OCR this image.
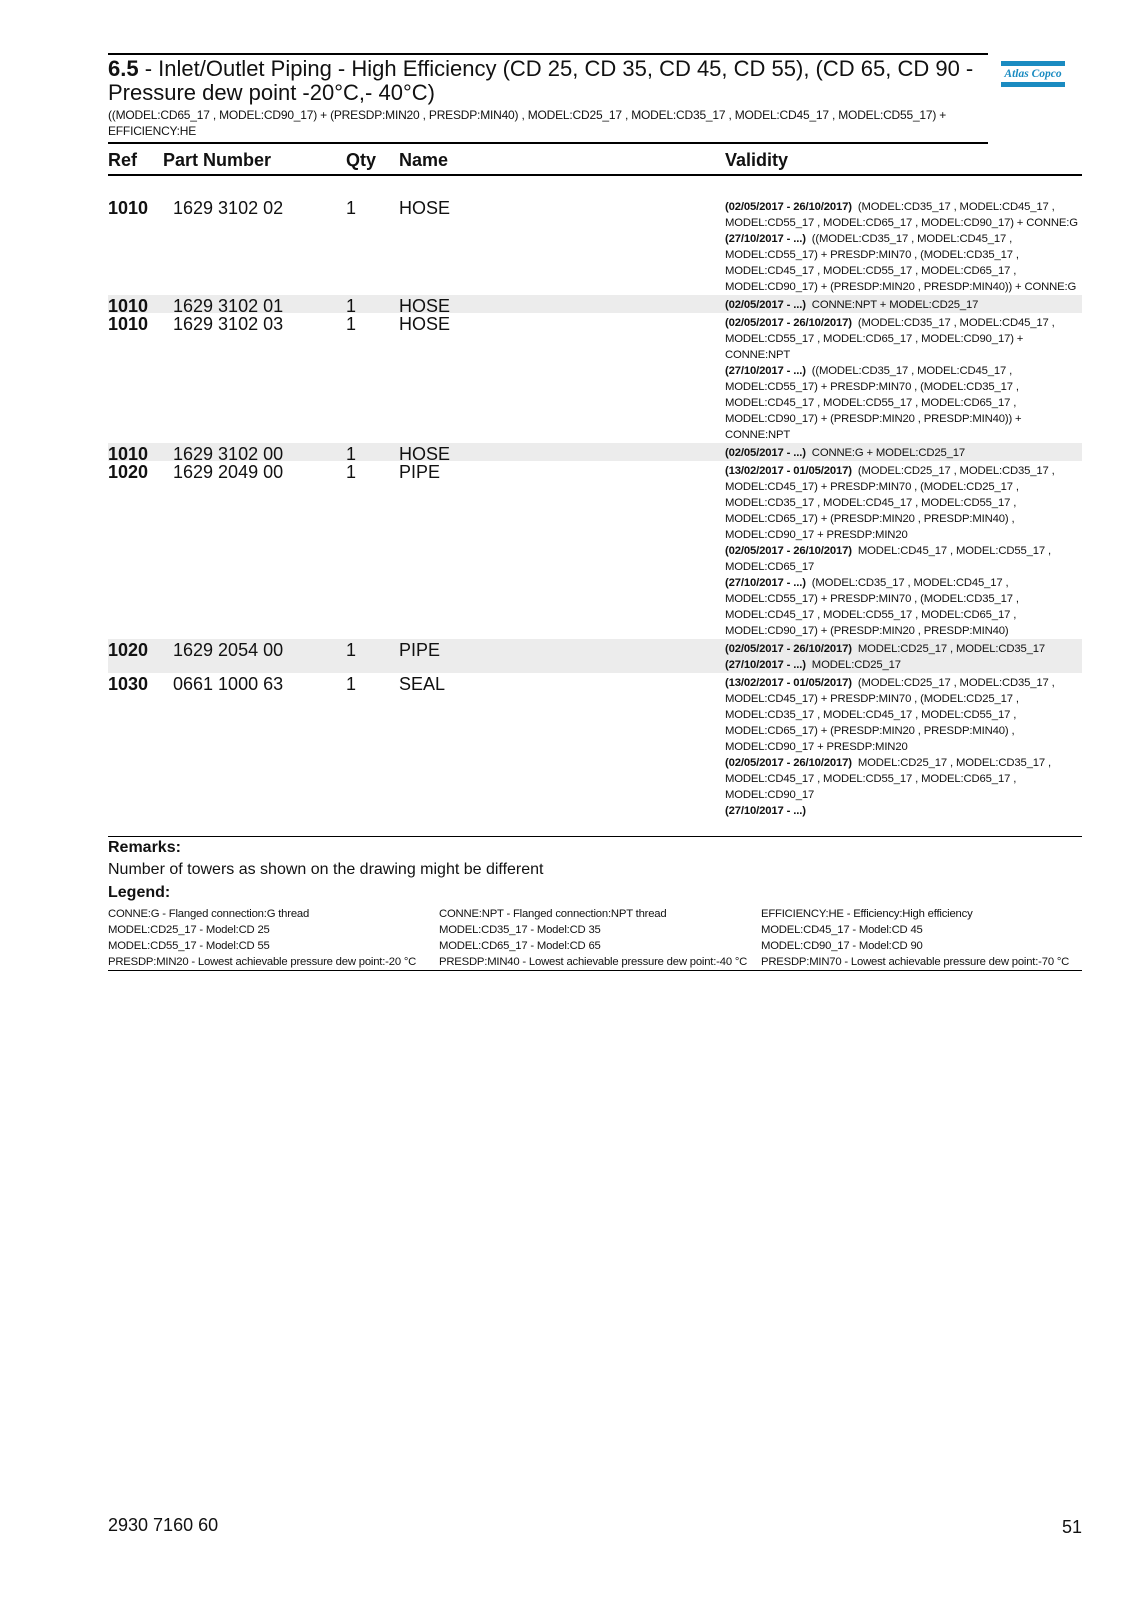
6.5 - Inlet/Outlet Piping - High Efficiency (CD 25, CD 35, CD 45, CD 55), (CD 65, CD 90 - Pressure dew point -20°C,- 40°C)
((MODEL:CD65_17 , MODEL:CD90_17) + (PRESDP:MIN20 , PRESDP:MIN40) , MODEL:CD25_17 , MODEL:CD35_17 , MODEL:CD45_17 , MODEL:CD55_17) + EFFICIENCY:HE
Atlas Copco
Ref Part Number	Qty Name	Validity
1010 1629 3102 02	1 HOSE	(02/05/2017 - 26/10/2017)  (MODEL:CD35_17 , MODEL:CD45_17 , MODEL:CD55_17 , MODEL:CD65_17 , MODEL:CD90_17) + CONNE:G
(27/10/2017 - ...)  ((MODEL:CD35_17 , MODEL:CD45_17 , MODEL:CD55_17) + PRESDP:MIN70 , (MODEL:CD35_17 , MODEL:CD45_17 , MODEL:CD55_17 , MODEL:CD65_17 , MODEL:CD90_17) + (PRESDP:MIN20 , PRESDP:MIN40)) + CONNE:G
1010 1629 3102 01	1 HOSE	(02/05/2017 - ...)  CONNE:NPT + MODEL:CD25_17
1010 1629 3102 03	1 HOSE	(02/05/2017 - 26/10/2017)  (MODEL:CD35_17 , MODEL:CD45_17 , MODEL:CD55_17 , MODEL:CD65_17 , MODEL:CD90_17) + CONNE:NPT
(27/10/2017 - ...)  ((MODEL:CD35_17 , MODEL:CD45_17 , MODEL:CD55_17) + PRESDP:MIN70 , (MODEL:CD35_17 , MODEL:CD45_17 , MODEL:CD55_17 , MODEL:CD65_17 , MODEL:CD90_17) + (PRESDP:MIN20 , PRESDP:MIN40)) + CONNE:NPT
1010 1629 3102 00	1 HOSE	(02/05/2017 - ...)  CONNE:G + MODEL:CD25_17
1020 1629 2049 00	1 PIPE	(13/02/2017 - 01/05/2017)  (MODEL:CD25_17 , MODEL:CD35_17 , MODEL:CD45_17) + PRESDP:MIN70 , (MODEL:CD25_17 , MODEL:CD35_17 , MODEL:CD45_17 , MODEL:CD55_17 , MODEL:CD65_17) + (PRESDP:MIN20 , PRESDP:MIN40) , MODEL:CD90_17 + PRESDP:MIN20
(02/05/2017 - 26/10/2017)  MODEL:CD45_17 , MODEL:CD55_17 , MODEL:CD65_17
(27/10/2017 - ...)  (MODEL:CD35_17 , MODEL:CD45_17 , MODEL:CD55_17) + PRESDP:MIN70 , (MODEL:CD35_17 , MODEL:CD45_17 , MODEL:CD55_17 , MODEL:CD65_17 , MODEL:CD90_17) + (PRESDP:MIN20 , PRESDP:MIN40)
1020 1629 2054 00	1 PIPE	(02/05/2017 - 26/10/2017)  MODEL:CD25_17 , MODEL:CD35_17
(27/10/2017 - ...)  MODEL:CD25_17
1030 0661 1000 63	1 SEAL	(13/02/2017 - 01/05/2017)  (MODEL:CD25_17 , MODEL:CD35_17 , MODEL:CD45_17) + PRESDP:MIN70 , (MODEL:CD25_17 , MODEL:CD35_17 , MODEL:CD45_17 , MODEL:CD55_17 , MODEL:CD65_17) + (PRESDP:MIN20 , PRESDP:MIN40) , MODEL:CD90_17 + PRESDP:MIN20
(02/05/2017 - 26/10/2017)  MODEL:CD25_17 , MODEL:CD35_17 , MODEL:CD45_17 , MODEL:CD55_17 , MODEL:CD65_17 , MODEL:CD90_17
(27/10/2017 - ...)
Remarks:
Number of towers as shown on the drawing might be different
Legend:
CONNE:G - Flanged connection:G thread
MODEL:CD25_17 - Model:CD 25
MODEL:CD55_17 - Model:CD 55
PRESDP:MIN20 - Lowest achievable pressure dew point:-20 °C
CONNE:NPT - Flanged connection:NPT thread
MODEL:CD35_17 - Model:CD 35
MODEL:CD65_17 - Model:CD 65
PRESDP:MIN40 - Lowest achievable pressure dew point:-40 °C
EFFICIENCY:HE - Efficiency:High efficiency
MODEL:CD45_17 - Model:CD 45
MODEL:CD90_17 - Model:CD 90
PRESDP:MIN70 - Lowest achievable pressure dew point:-70 °C
2930 7160 60	51
